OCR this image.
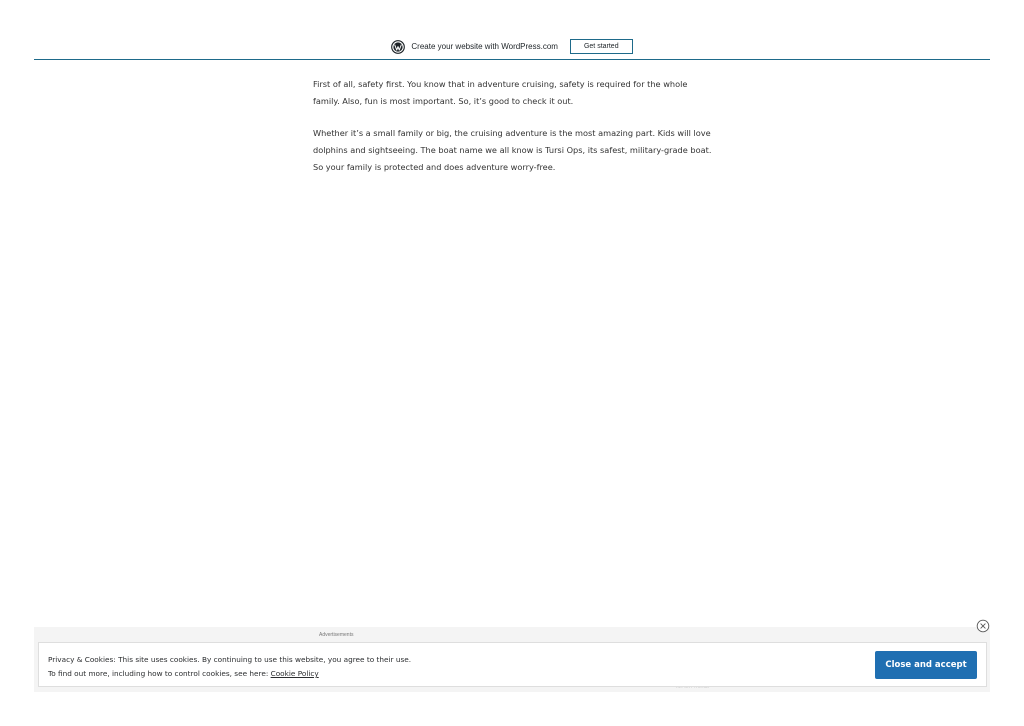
Create your website with WordPress.com	Get started

First of all, safety first. You know that in adventure cruising, safety is required for the whole family. Also, fun is most important. So, it’s good to check it out.

Whether it’s a small family or big, the cruising adventure is the most amazing part. Kids will love dolphins and sightseeing. The boat name we all know is Tursi Ops, its safest, military-grade boat. So your family is protected and does adventure worry-free.

Advertisements
Privacy & Cookies: This site uses cookies. By continuing to use this website, you agree to their use.
To find out more, including how to control cookies, see here: Cookie Policy
Close and accept
